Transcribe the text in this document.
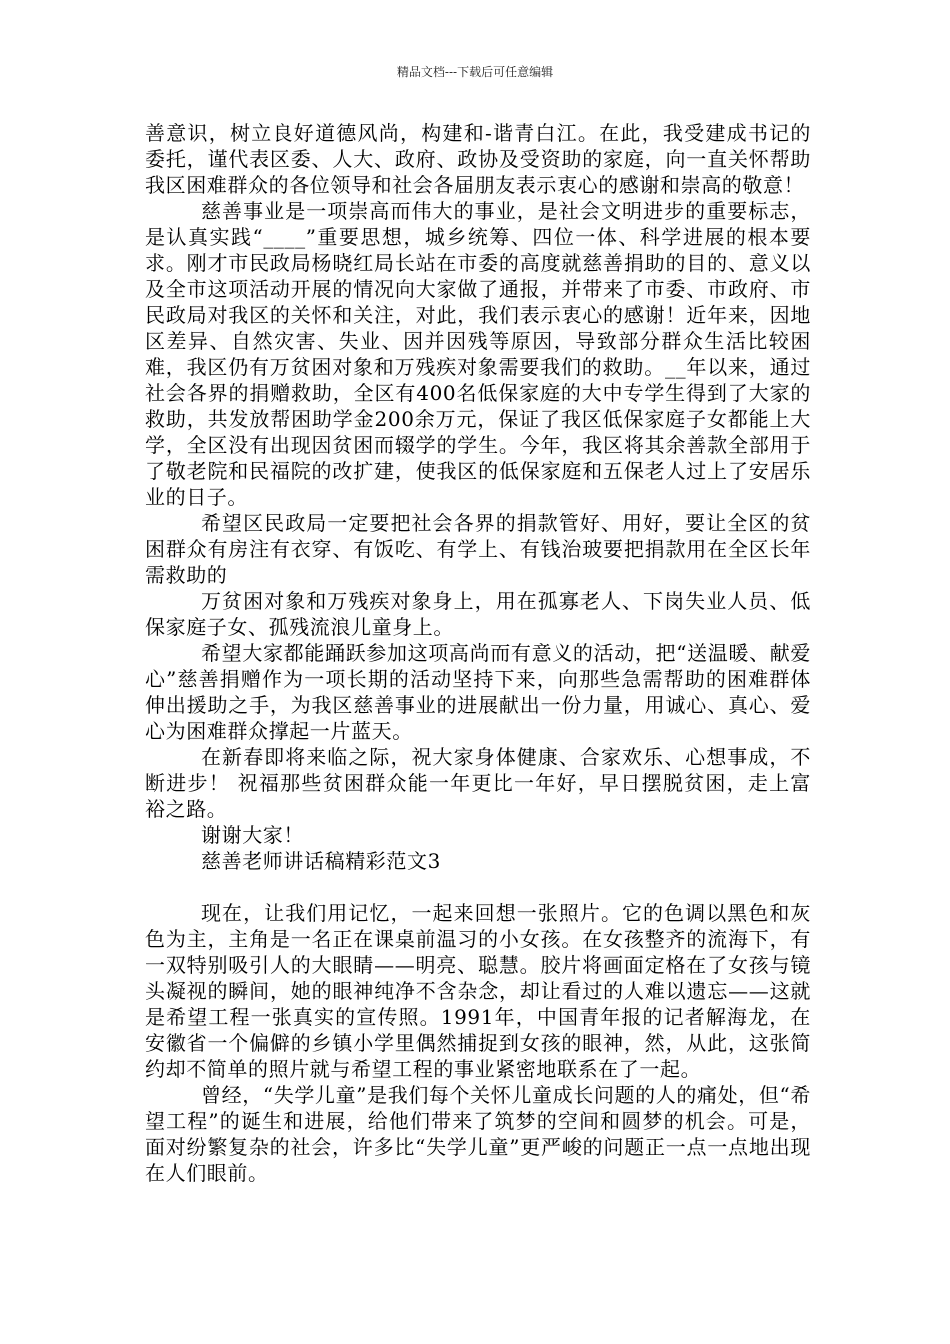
精品文档---下载后可任意编辑

善意识，树立良好道德风尚，构建和-谐青白江。在此，我受建成书记的委托，谨代表区委、人大、政府、政协及受资助的家庭，向一直关怀帮助我区困难群众的各位领导和社会各届朋友表示衷心的感谢和崇高的敬意！

慈善事业是一项崇高而伟大的事业，是社会文明进步的重要标志，是认真实践“____”重要思想，城乡统筹、四位一体、科学进展的根本要求。刚才市民政局杨晓红局长站在市委的高度就慈善捐助的目的、意义以及全市这项活动开展的情况向大家做了通报，并带来了市委、市政府、市民政局对我区的关怀和关注，对此，我们表示衷心的感谢！近年来，因地区差异、自然灾害、失业、因并因残等原因，导致部分群众生活比较困难，我区仍有万贫困对象和万残疾对象需要我们的救助。__年以来，通过社会各界的捐赠救助，全区有400名低保家庭的大中专学生得到了大家的救助，共发放帮困助学金200余万元，保证了我区低保家庭子女都能上大学，全区没有出现因贫困而辍学的学生。今年，我区将其余善款全部用于了敬老院和民福院的改扩建，使我区的低保家庭和五保老人过上了安居乐业的日子。

希望区民政局一定要把社会各界的捐款管好、用好，要让全区的贫困群众有房注有衣穿、有饭吃、有学上、有钱治玻要把捐款用在全区长年需救助的

万贫困对象和万残疾对象身上，用在孤寡老人、下岗失业人员、低保家庭子女、孤残流浪儿童身上。

希望大家都能踊跃参加这项高尚而有意义的活动，把“送温暖、献爱心”慈善捐赠作为一项长期的活动坚持下来，向那些急需帮助的困难群体伸出援助之手，为我区慈善事业的进展献出一份力量，用诚心、真心、爱心为困难群众撑起一片蓝天。

在新春即将来临之际，祝大家身体健康、合家欢乐、心想事成，不断进步！ 祝福那些贫困群众能一年更比一年好，早日摆脱贫困，走上富裕之路。

谢谢大家！

慈善老师讲话稿精彩范文3

现在，让我们用记忆，一起来回想一张照片。它的色调以黑色和灰色为主，主角是一名正在课桌前温习的小女孩。在女孩整齐的流海下，有一双特别吸引人的大眼睛——明亮、聪慧。胶片将画面定格在了女孩与镜头凝视的瞬间，她的眼神纯净不含杂念，却让看过的人难以遗忘——这就是希望工程一张真实的宣传照。1991年，中国青年报的记者解海龙，在安徽省一个偏僻的乡镇小学里偶然捕捉到女孩的眼神，然，从此，这张简约却不简单的照片就与希望工程的事业紧密地联系在了一起。

曾经，“失学儿童”是我们每个关怀儿童成长问题的人的痛处，但“希望工程”的诞生和进展，给他们带来了筑梦的空间和圆梦的机会。可是，面对纷繁复杂的社会，许多比“失学儿童”更严峻的问题正一点一点地出现在人们眼前。
